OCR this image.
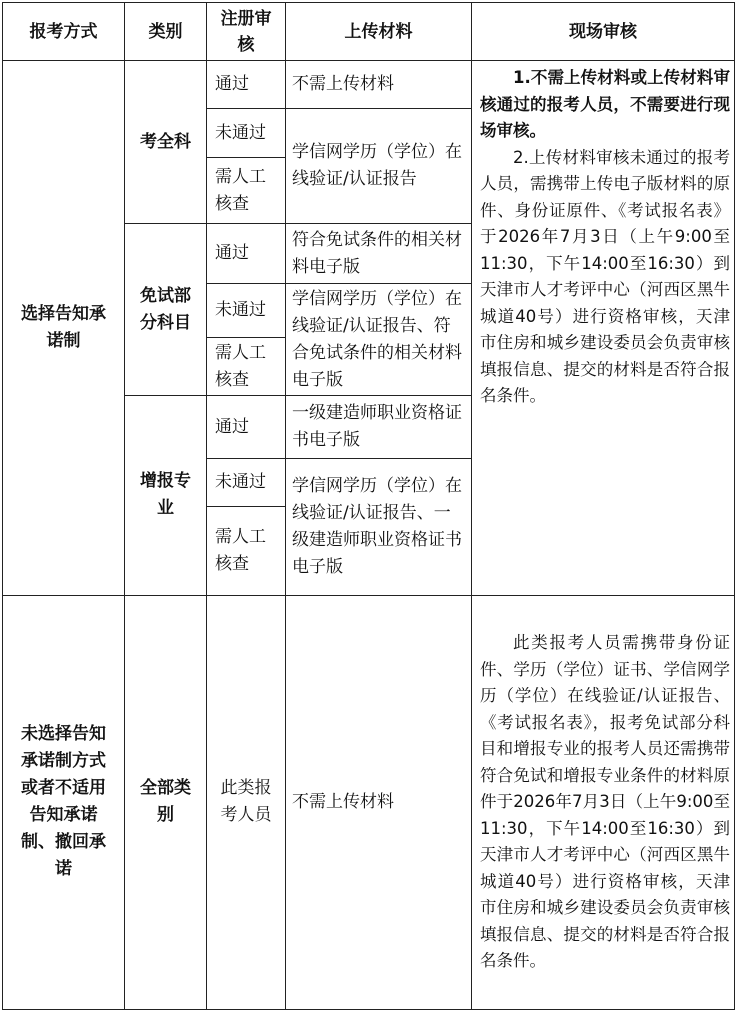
报考方式	类别	注册审核	上传材料	现场审核
选择告知承诺制	考全科	通过	不需上传材料	1.不需上传材料或上传材料审核通过的报考人员，不需要进行现场审核。

2.上传材料审核未通过的报考人员，需携带上传电子版材料的原件、身份证原件、《考试报名表》于2026年7月3日（上午9:00至11:30，下午14:00至16:30）到天津市人才考评中心（河西区黑牛城道40号）进行资格审核，天津市住房和城乡建设委员会负责审核填报信息、提交的材料是否符合报名条件。

		未通过	学信网学历（学位）在线验证/认证报告	
		需人工核查		
	免试部分科目	通过	符合免试条件的相关材料电子版	
		未通过	学信网学历（学位）在线验证/认证报告、符合免试条件的相关材料电子版	
		需人工核查		
	增报专业	通过	一级建造师职业资格证书电子版	
		未通过	学信网学历（学位）在线验证/认证报告、一级建造师职业资格证书电子版	
		需人工核查		
未选择告知承诺制方式或者不适用告知承诺制、撤回承诺	全部类别	此类报考人员	不需上传材料	此类报考人员需携带身份证件、学历（学位）证书、学信网学历（学位）在线验证/认证报告、《考试报名表》，报考免试部分科目和增报专业的报考人员还需携带符合免试和增报专业条件的材料原件于2026年7月3日（上午9:00至11:30，下午14:00至16:30）到天津市人才考评中心（河西区黑牛城道40号）进行资格审核，天津市住房和城乡建设委员会负责审核填报信息、提交的材料是否符合报名条件。
